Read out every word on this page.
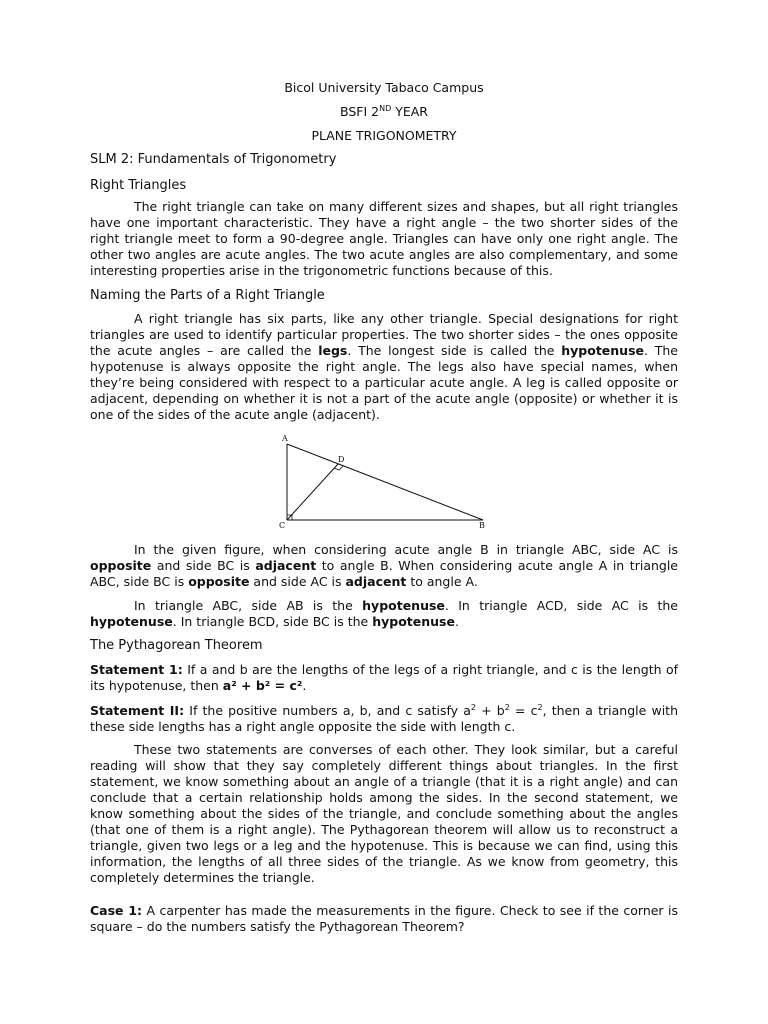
Bicol University Tabaco Campus
BSFI 2ND YEAR
PLANE TRIGONOMETRY
SLM 2: Fundamentals of Trigonometry
Right Triangles

The right triangle can take on many different sizes and shapes, but all right triangles have one important characteristic. They have a right angle – the two shorter sides of the right triangle meet to form a 90-degree angle. Triangles can have only one right angle. The other two angles are acute angles. The two acute angles are also complementary, and some interesting properties arise in the trigonometric functions because of this.

Naming the Parts of a Right Triangle

A right triangle has six parts, like any other triangle. Special designations for right triangles are used to identify particular properties. The two shorter sides – the ones opposite the acute angles – are called the legs. The longest side is called the hypotenuse. The hypotenuse is always opposite the right angle. The legs also have special names, when they’re being considered with respect to a particular acute angle. A leg is called opposite or adjacent, depending on whether it is not a part of the acute angle (opposite) or whether it is one of the sides of the acute angle (adjacent).

A
D
C	B

In the given figure, when considering acute angle B in triangle ABC, side AC is opposite and side BC is adjacent to angle B. When considering acute angle A in triangle ABC, side BC is opposite and side AC is adjacent to angle A.

In triangle ABC, side AB is the hypotenuse. In triangle ACD, side AC is the hypotenuse. In triangle BCD, side BC is the hypotenuse.

The Pythagorean Theorem

Statement 1: If a and b are the lengths of the legs of a right triangle, and c is the length of its hypotenuse, then a² + b² = c².

Statement II: If the positive numbers a, b, and c satisfy $a^2 + b^2 = c^2$, then a triangle with these side lengths has a right angle opposite the side with length c.

These two statements are converses of each other. They look similar, but a careful reading will show that they say completely different things about triangles. In the first statement, we know something about an angle of a triangle (that it is a right angle) and can conclude that a certain relationship holds among the sides. In the second statement, we know something about the sides of the triangle, and conclude something about the angles (that one of them is a right angle). The Pythagorean theorem will allow us to reconstruct a triangle, given two legs or a leg and the hypotenuse. This is because we can find, using this information, the lengths of all three sides of the triangle. As we know from geometry, this completely determines the triangle.

Case 1: A carpenter has made the measurements in the figure. Check to see if the corner is square – do the numbers satisfy the Pythagorean Theorem?
